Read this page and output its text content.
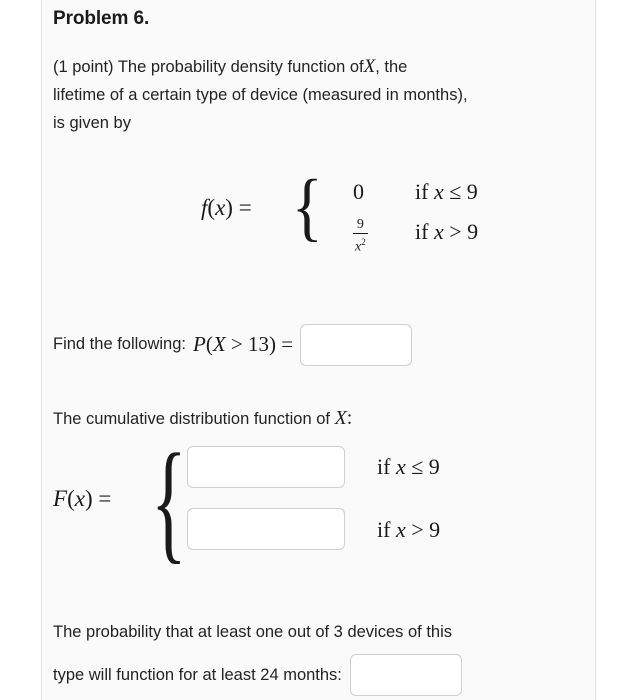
Problem 6.
(1 point) The probability density function ofX, the
lifetime of a certain type of device (measured in months),
is given by
f(x) = { 0 if x ≤ 9
$\frac{9}{x^2}$ if x > 9
Find the following: P(X > 13) =
The cumulative distribution function of X:
F(x) = {	if x ≤ 9
if x > 9
The probability that at least one out of 3 devices of this
type will function for at least 24 months:
